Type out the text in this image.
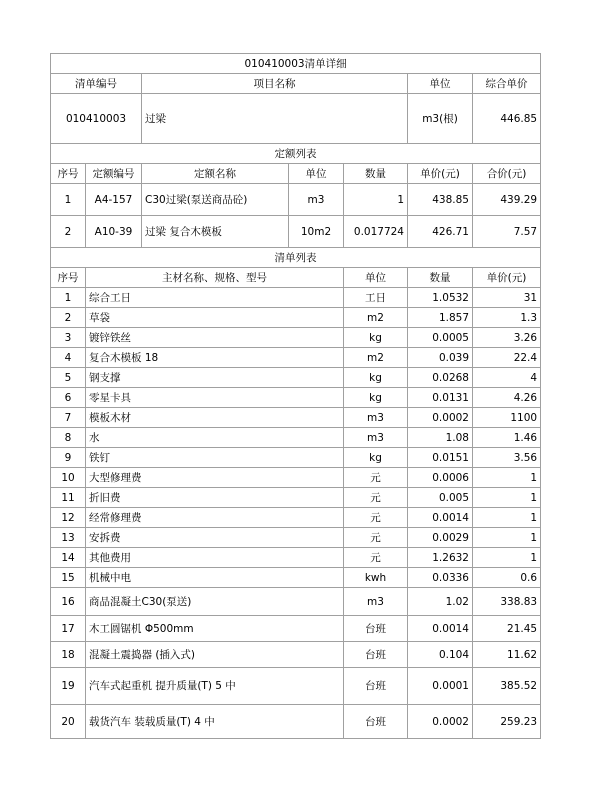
010410003清单详细							
清单编号		项目名称			单位	综合单价	
010410003		过梁			m3(根)	446.85	
定额列表							
序号	定额编号	定额名称	单位	数量	单价(元)	合价(元)	
1	A4-157	C30过梁(泵送商品砼)	m3	1	438.85	439.29	
2	A10-39	过梁 复合木模板	10m2	0.017724	426.71	7.57	
清单列表							
序号	主材名称、规格、型号			单位	数量	单价(元)	
1	综合工日			工日	1.0532	31	
2	草袋			m2	1.857	1.3	
3	镀锌铁丝			kg	0.0005	3.26	
4	复合木模板 18			m2	0.039	22.4	
5	钢支撑			kg	0.0268	4	
6	零星卡具			kg	0.0131	4.26	
7	模板木材			m3	0.0002	1100	
8	水			m3	1.08	1.46	
9	铁钉			kg	0.0151	3.56	
10	大型修理费			元	0.0006	1	
11	折旧费			元	0.005	1	
12	经常修理费			元	0.0014	1	
13	安拆费			元	0.0029	1	
14	其他费用			元	1.2632	1	
15	机械中电			kwh	0.0336	0.6	
16	商品混凝土C30(泵送)			m3	1.02	338.83	
17	木工圆锯机 Φ500mm			台班	0.0014	21.45	
18	混凝土震捣器 (插入式)			台班	0.104	11.62	
19	汽车式起重机 提升质量(T) 5 中			台班	0.0001	385.52	
20	载货汽车 装载质量(T) 4 中			台班	0.0002	259.23	
